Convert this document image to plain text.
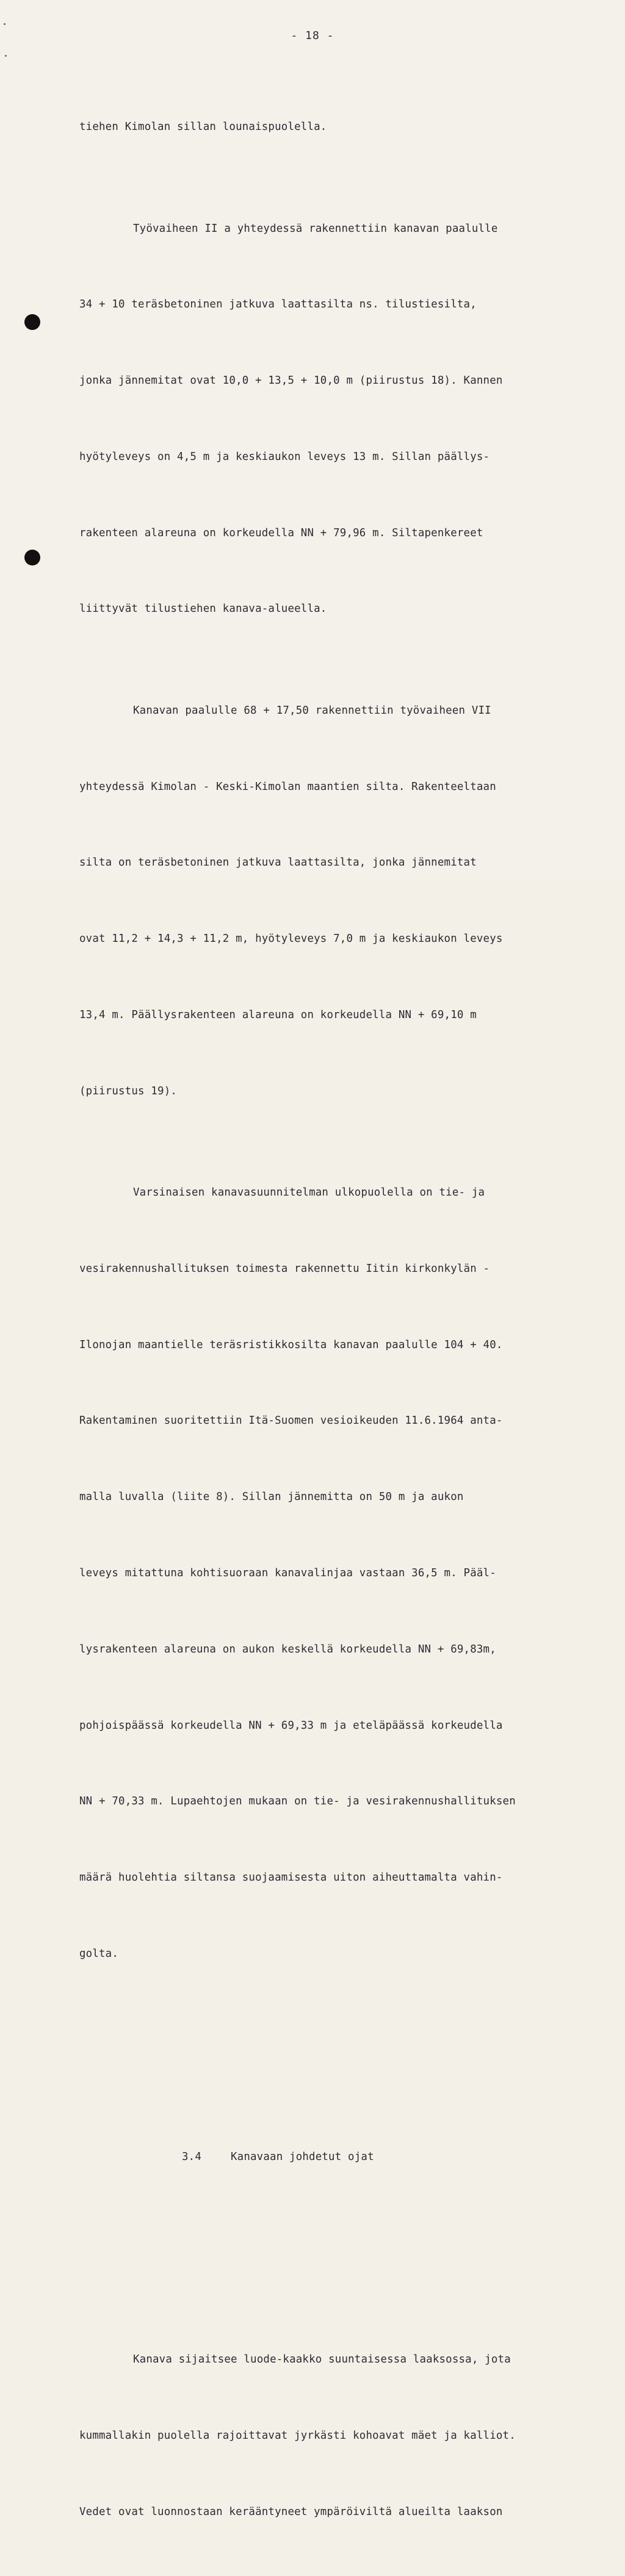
- 18 -

tiehen Kimolan sillan lounaispuolella.

Työvaiheen II a yhteydessä rakennettiin kanavan paalulle

34 + 10 teräsbetoninen jatkuva laattasilta ns. tilustiesilta,

jonka jännemitat ovat 10,0 + 13,5 + 10,0 m (piirustus 18). Kannen

hyötyleveys on 4,5 m ja keskiaukon leveys 13 m. Sillan päällys-

rakenteen alareuna on korkeudella NN + 79,96 m. Siltapenkereet

liittyvät tilustiehen kanava-alueella.

Kanavan paalulle 68 + 17,50 rakennettiin työvaiheen VII

yhteydessä Kimolan - Keski-Kimolan maantien silta. Rakenteeltaan

silta on teräsbetoninen jatkuva laattasilta, jonka jännemitat

ovat 11,2 + 14,3 + 11,2 m, hyötyleveys 7,0 m ja keskiaukon leveys

13,4 m. Päällysrakenteen alareuna on korkeudella NN + 69,10 m

(piirustus 19).

Varsinaisen kanavasuunnitelman ulkopuolella on tie- ja

vesirakennushallituksen toimesta rakennettu Iitin kirkonkylän -

Ilonojan maantielle teräsristikkosilta kanavan paalulle 104 + 40.

Rakentaminen suoritettiin Itä-Suomen vesioikeuden 11.6.1964 anta-

malla luvalla (liite 8). Sillan jännemitta on 50 m ja aukon

leveys mitattuna kohtisuoraan kanavalinjaa vastaan 36,5 m. Pääl-

lysrakenteen alareuna on aukon keskellä korkeudella NN + 69,83m,

pohjoispäässä korkeudella NN + 69,33 m ja eteläpäässä korkeudella

NN + 70,33 m. Lupaehtojen mukaan on tie- ja vesirakennushallituksen

määrä huolehtia siltansa suojaamisesta uiton aiheuttamalta vahin-

golta.

3.4	Kanavaan johdetut ojat

Kanava sijaitsee luode-kaakko suuntaisessa laaksossa, jota

kummallakin puolella rajoittavat jyrkästi kohoavat mäet ja kalliot.

Vedet ovat luonnostaan kerääntyneet ympäröiviltä alueilta laakson
